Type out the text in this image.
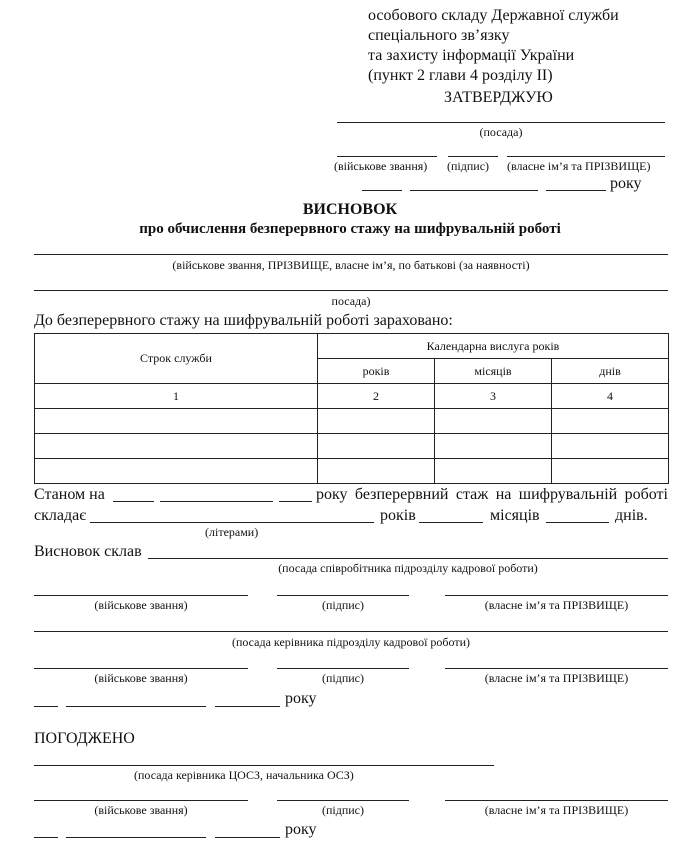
особового складу Державної служби
спеціального зв’язку
та захисту інформації України
(пункт 2 глави 4 розділу ІІ)
ЗАТВЕРДЖУЮ
(посада)
(військове звання) (підпис) (власне ім’я та ПРІЗВИЩЕ)
року
ВИСНОВОК
про обчислення безперервного стажу на шифрувальній роботі
(військове звання, ПРІЗВИЩЕ, власне ім’я, по батькові (за наявності)
посада)
До безперервного стажу на шифрувальній роботі зараховано:
Строк служби	Календарна вислуга років		
	років	місяців	днів
1	2	3	4

Станом на	року безперервний стаж на шифрувальній роботі
складає	років	місяців	днів.
(літерами)
Висновок склав
(посада співробітника підрозділу кадрової роботи)
(військове звання)	(підпис)	(власне ім’я та ПРІЗВИЩЕ)
(посада керівника підрозділу кадрової роботи)
(військове звання)	(підпис)	(власне ім’я та ПРІЗВИЩЕ)
року
ПОГОДЖЕНО
(посада керівника ЦОСЗ, начальника ОСЗ)
(військове звання)	(підпис)	(власне ім’я та ПРІЗВИЩЕ)
року
